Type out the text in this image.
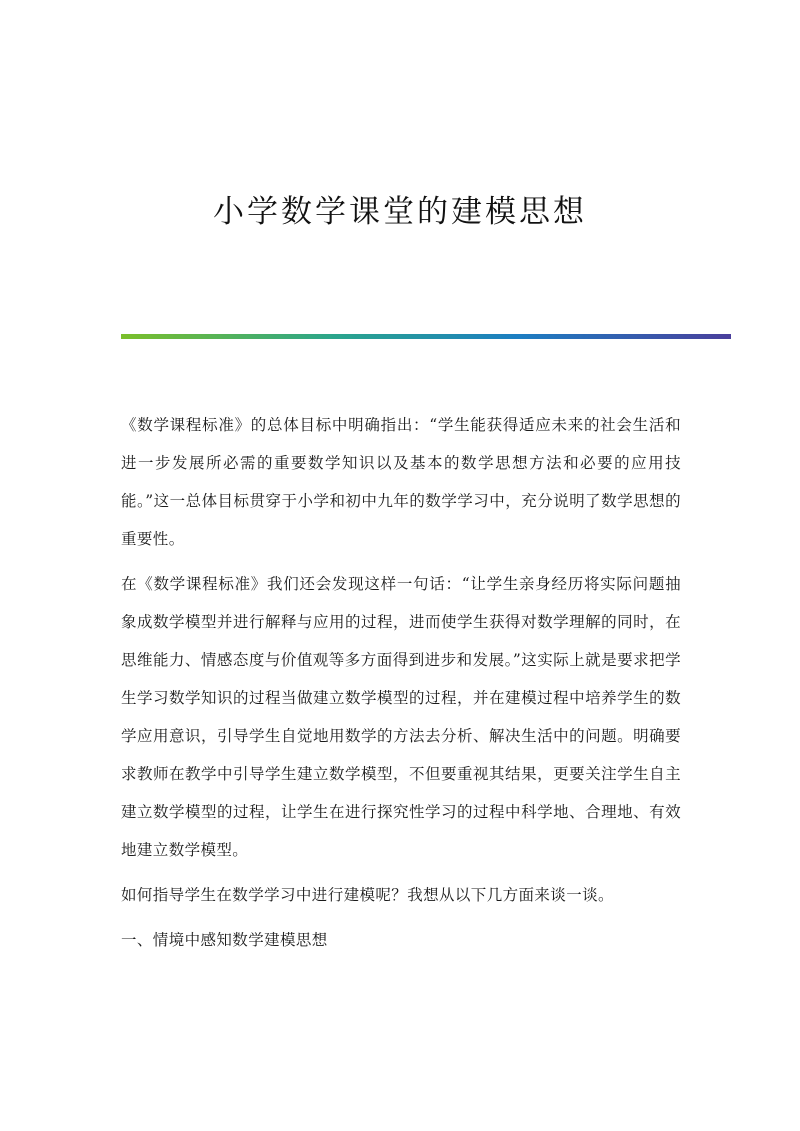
小学数学课堂的建模思想

《数学课程标准》的总体目标中明确指出：“学生能获得适应未来的社会生活和进一步发展所必需的重要数学知识以及基本的数学思想方法和必要的应用技能。”这一总体目标贯穿于小学和初中九年的数学学习中，充分说明了数学思想的重要性。

在《数学课程标准》我们还会发现这样一句话：“让学生亲身经历将实际问题抽象成数学模型并进行解释与应用的过程，进而使学生获得对数学理解的同时，在思维能力、情感态度与价值观等多方面得到进步和发展。”这实际上就是要求把学生学习数学知识的过程当做建立数学模型的过程，并在建模过程中培养学生的数学应用意识，引导学生自觉地用数学的方法去分析、解决生活中的问题。明确要求教师在教学中引导学生建立数学模型，不但要重视其结果，更要关注学生自主建立数学模型的过程，让学生在进行探究性学习的过程中科学地、合理地、有效地建立数学模型。

如何指导学生在数学学习中进行建模呢？我想从以下几方面来谈一谈。

一、情境中感知数学建模思想
